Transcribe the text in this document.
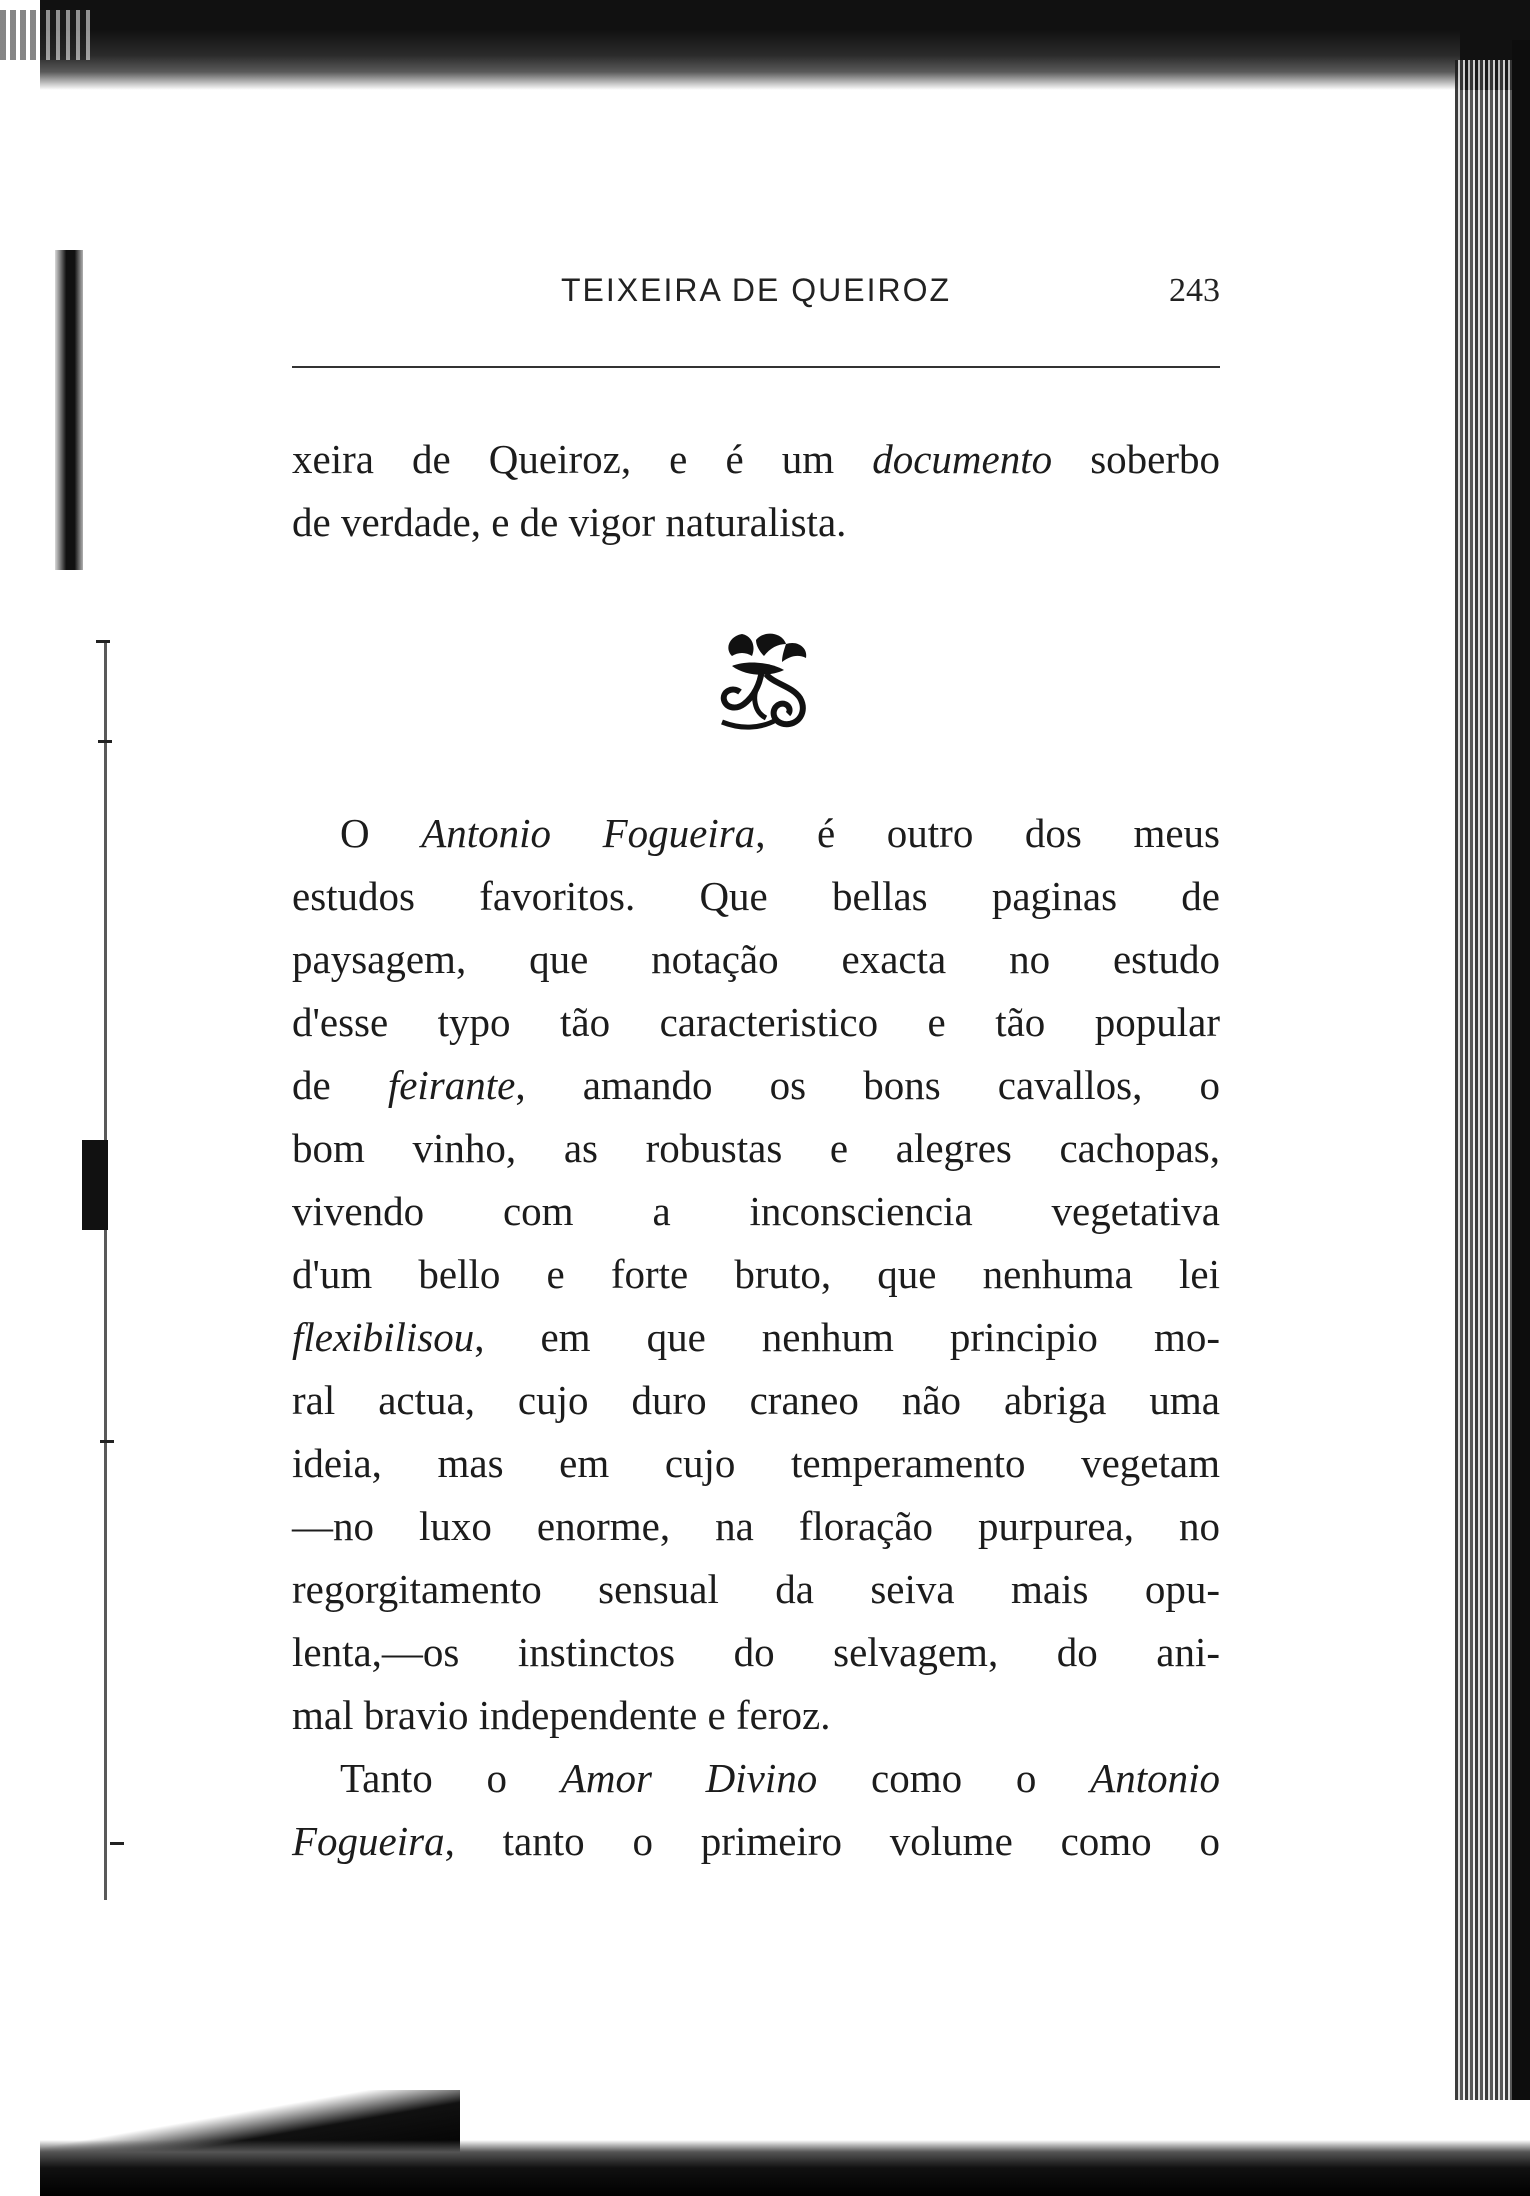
TEIXEIRA DE QUEIROZ	243
xeira de Queiroz, e é um documento soberbo
de verdade, e de vigor naturalista.
O Antonio Fogueira, é outro dos meus
estudos favoritos. Que bellas paginas de
paysagem, que notação exacta no estudo
d'esse typo tão caracteristico e tão popular
de feirante, amando os bons cavallos, o
bom vinho, as robustas e alegres cachopas,
vivendo com a inconsciencia vegetativa
d'um bello e forte bruto, que nenhuma lei
flexibilisou, em que nenhum principio mo-
ral actua, cujo duro craneo não abriga uma
ideia, mas em cujo temperamento vegetam
—no luxo enorme, na floração purpurea, no
regorgitamento sensual da seiva mais opu-
lenta,—os instinctos do selvagem, do ani-
mal bravio independente e feroz.
Tanto o Amor Divino como o Antonio
Fogueira, tanto o primeiro volume como o
